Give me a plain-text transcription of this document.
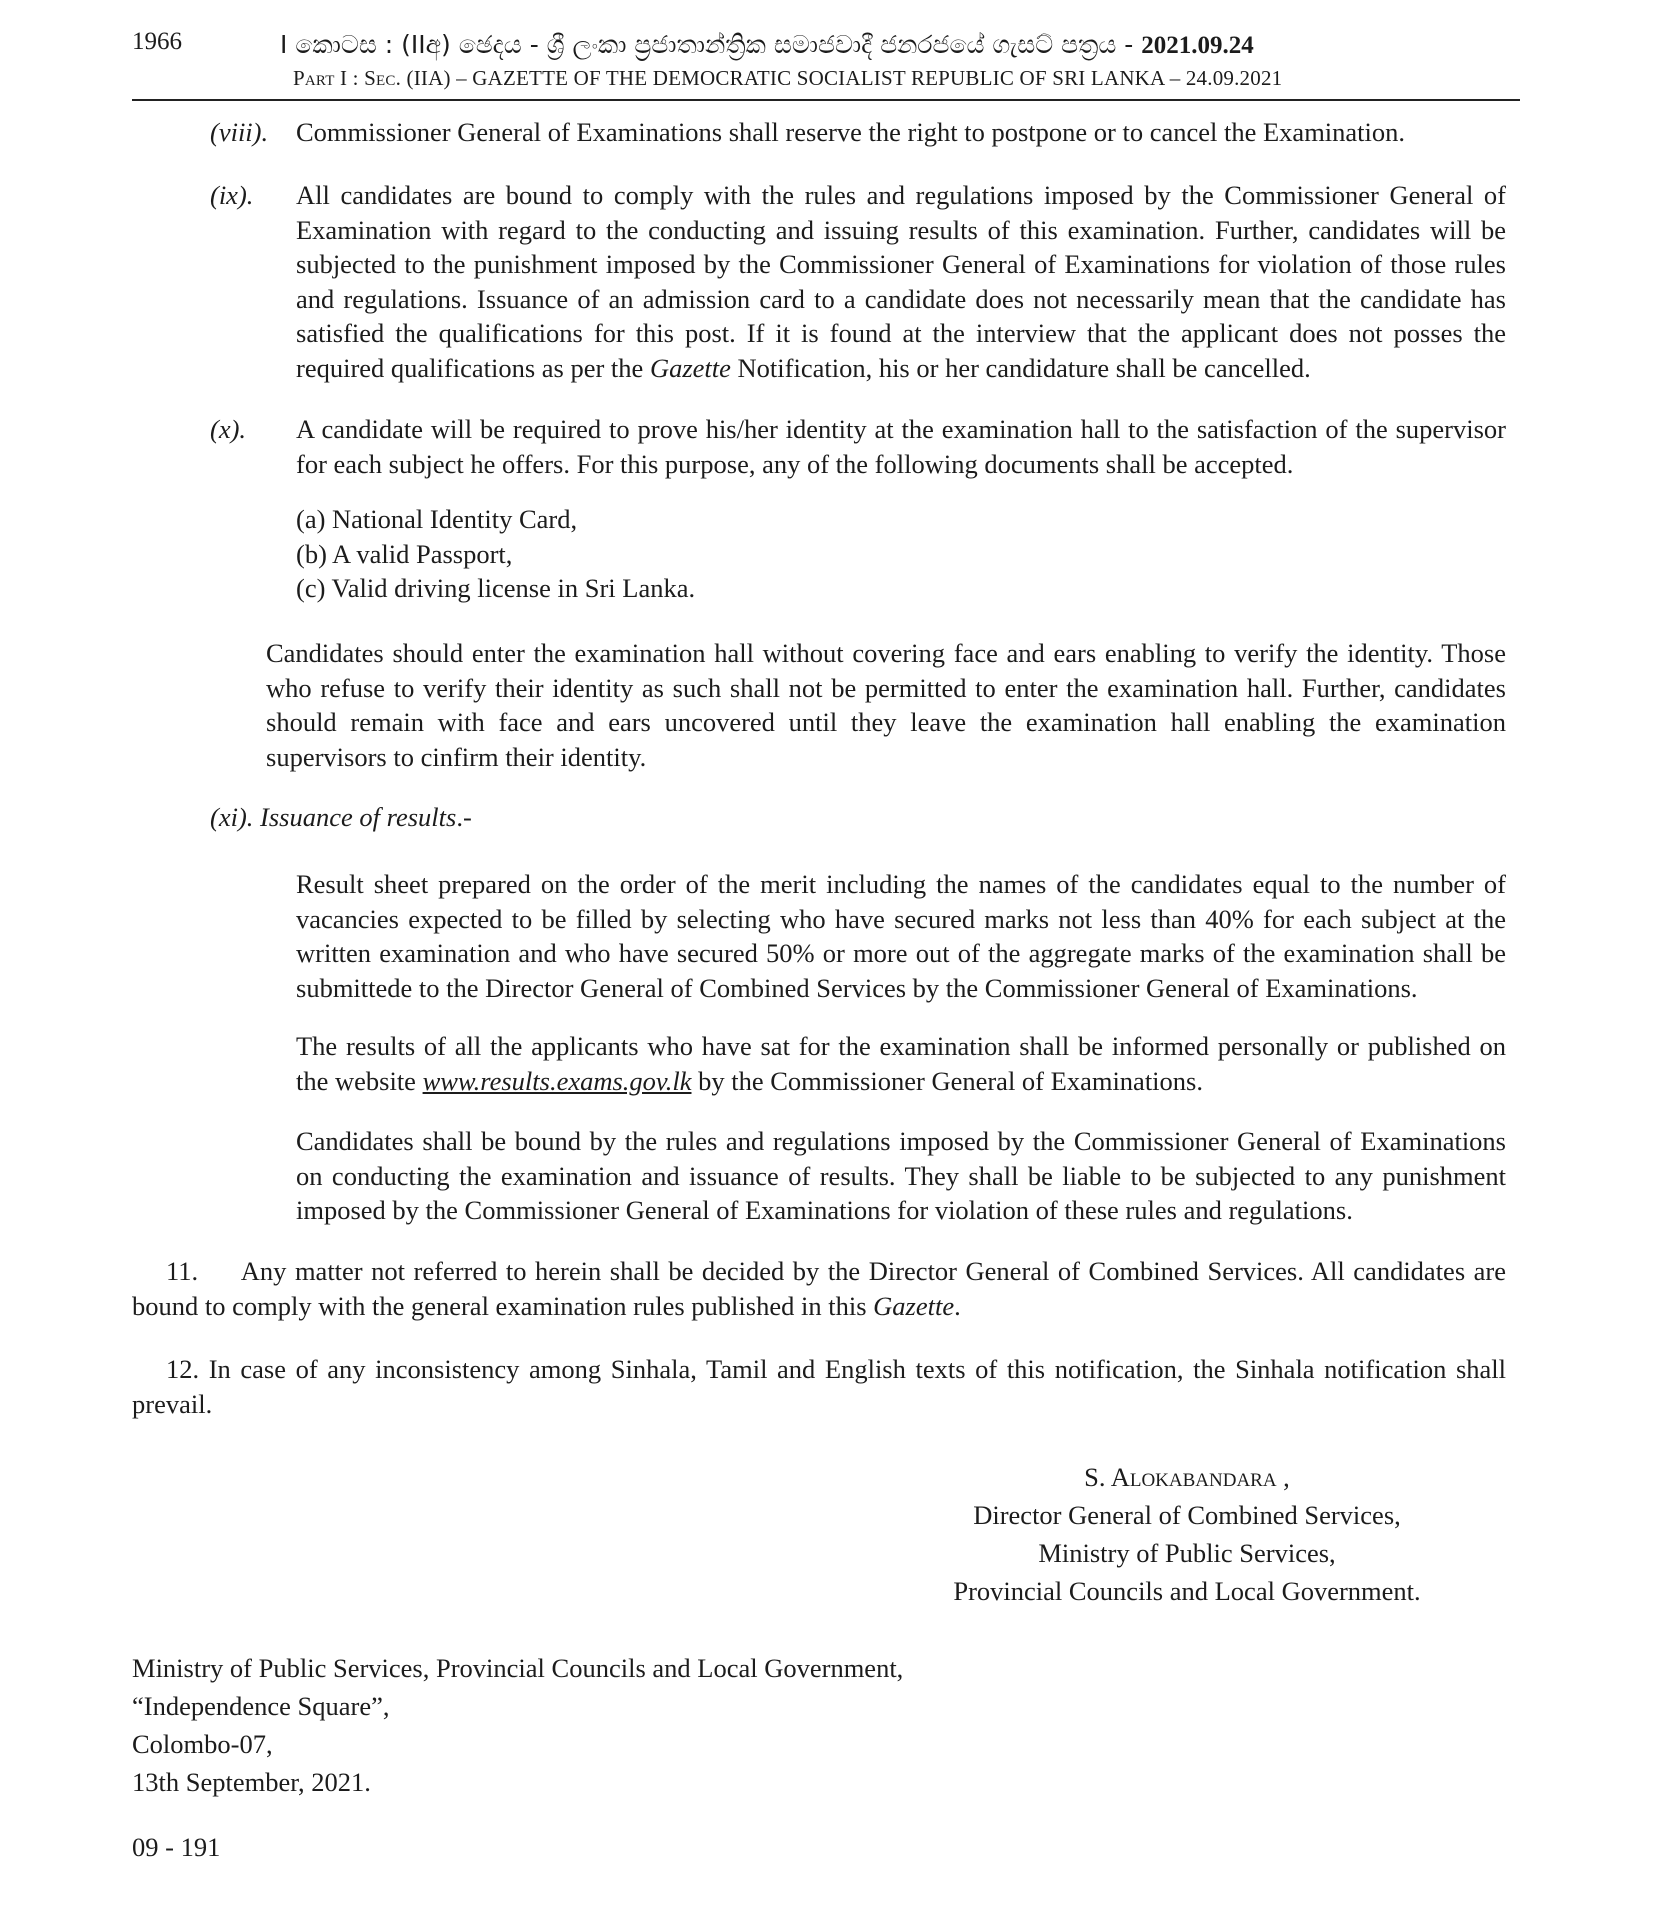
1966	I කොටස : (IIඅ) ඡෙදය - ශ්‍රී ලංකා ප්‍රජාතාන්ත්‍රික සමාජවාදී ජනරජයේ ගැසට් පත්‍රය - 2021.09.24
Part I : Sec. (IIA) – GAZETTE OF THE DEMOCRATIC SOCIALIST REPUBLIC OF SRI LANKA – 24.09.2021
(viii). Commissioner General of Examinations shall reserve the right to postpone or to cancel the Examination.
(ix). All candidates are bound to comply with the rules and regulations imposed by the Commissioner General of Examination with regard to the conducting and issuing results of this examination. Further, candidates will be subjected to the punishment imposed by the Commissioner General of Examinations for violation of those rules and regulations. Issuance of an admission card to a candidate does not necessarily mean that the candidate has satisfied the qualifications for this post. If it is found at the interview that the applicant does not posses the required qualifications as per the Gazette Notification, his or her candidature shall be cancelled.
(x). A candidate will be required to prove his/her identity at the examination hall to the satisfaction of the supervisor for each subject he offers. For this purpose, any of the following documents shall be accepted.
(a) National Identity Card,
(b) A valid Passport,
(c) Valid driving license in Sri Lanka.
Candidates should enter the examination hall without covering face and ears enabling to verify the identity. Those who refuse to verify their identity as such shall not be permitted to enter the examination hall. Further, candidates should remain with face and ears uncovered until they leave the examination hall enabling the examination supervisors to cinfirm their identity.
(xi). Issuance of results.-
Result sheet prepared on the order of the merit including the names of the candidates equal to the number of vacancies expected to be filled by selecting who have secured marks not less than 40% for each subject at the written examination and who have secured 50% or more out of the aggregate marks of the examination shall be submittede to the Director General of Combined Services by the Commissioner General of Examinations.
The results of all the applicants who have sat for the examination shall be informed personally or published on the website www.results.exams.gov.lk by the Commissioner General of Examinations.
Candidates shall be bound by the rules and regulations imposed by the Commissioner General of Examinations on conducting the examination and issuance of results. They shall be liable to be subjected to any punishment imposed by the Commissioner General of Examinations for violation of these rules and regulations.
11. Any matter not referred to herein shall be decided by the Director General of Combined Services. All candidates are bound to comply with the general examination rules published in this Gazette.
12. In case of any inconsistency among Sinhala, Tamil and English texts of this notification, the Sinhala notification shall prevail.
S. Alokabandara ,
Director General of Combined Services,
Ministry of Public Services,
Provincial Councils and Local Government.
Ministry of Public Services, Provincial Councils and Local Government,
“Independence Square”,
Colombo-07,
13th September, 2021.
09 - 191
